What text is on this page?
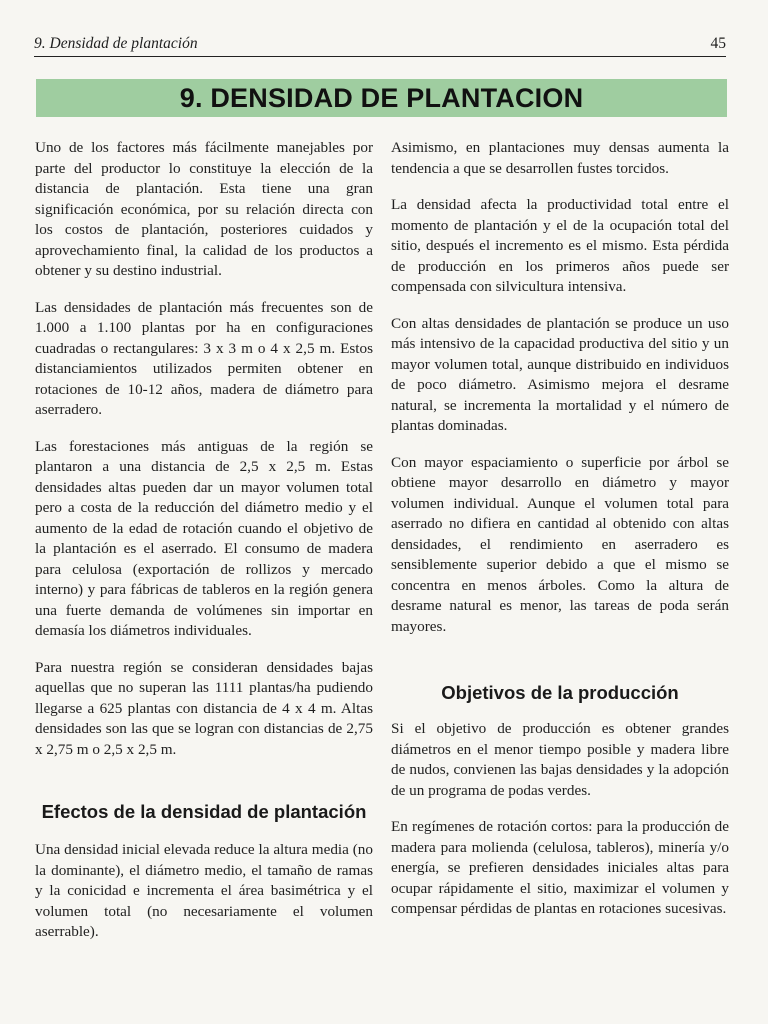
9. Densidad de plantación	45
9. DENSIDAD DE PLANTACION

Uno de los factores más fácilmente manejables por parte del productor lo constituye la elección de la distancia de plantación. Esta tiene una gran significación económica, por su relación directa con los costos de plantación, posteriores cuidados y aprovechamiento final, la calidad de los productos a obtener y su destino industrial.

Las densidades de plantación más frecuentes son de 1.000 a 1.100 plantas por ha en configuraciones cuadradas o rectangulares: 3 x 3 m o 4 x 2,5 m. Estos distanciamientos utilizados permiten obtener en rotaciones de 10-12 años, madera de diámetro para aserradero.

Las forestaciones más antiguas de la región se plantaron a una distancia de 2,5 x 2,5 m. Estas densidades altas pueden dar un mayor volumen total pero a costa de la reducción del diámetro medio y el aumento de la edad de rotación cuando el objetivo de la plantación es el aserrado. El consumo de madera para celulosa (exportación de rollizos y mercado interno) y para fábricas de tableros en la región genera una fuerte demanda de volúmenes sin importar en demasía los diámetros individuales.

Para nuestra región se consideran densidades bajas aquellas que no superan las 1111 plantas/ha pudiendo llegarse a 625 plantas con distancia de 4 x 4 m. Altas densidades son las que se logran con distancias de 2,75 x 2,75 m o 2,5 x 2,5 m.

Efectos de la densidad de plantación

Una densidad inicial elevada reduce la altura media (no la dominante), el diámetro medio, el tamaño de ramas y la conicidad e incrementa el área basimétrica y el volumen total (no necesariamente el volumen aserrable).

Asimismo, en plantaciones muy densas aumenta la tendencia a que se desarrollen fustes torcidos.

La densidad afecta la productividad total entre el momento de plantación y el de la ocupación total del sitio, después el incremento es el mismo. Esta pérdida de producción en los primeros años puede ser compensada con silvicultura intensiva.

Con altas densidades de plantación se produce un uso más intensivo de la capacidad productiva del sitio y un mayor volumen total, aunque distribuido en individuos de poco diámetro. Asimismo mejora el desrame natural, se incrementa la mortalidad y el número de plantas dominadas.

Con mayor espaciamiento o superficie por árbol se obtiene mayor desarrollo en diámetro y mayor volumen individual. Aunque el volumen total para aserrado no difiera en cantidad al obtenido con altas densidades, el rendimiento en aserradero es sensiblemente superior debido a que el mismo se concentra en menos árboles. Como la altura de desrame natural es menor, las tareas de poda serán mayores.

Objetivos de la producción

Si el objetivo de producción es obtener grandes diámetros en el menor tiempo posible y madera libre de nudos, convienen las bajas densidades y la adopción de un programa de podas verdes.

En regímenes de rotación cortos: para la producción de madera para molienda (celulosa, tableros), minería y/o energía, se prefieren densidades iniciales altas para ocupar rápidamente el sitio, maximizar el volumen y compensar pérdidas de plantas en rotaciones sucesivas.
